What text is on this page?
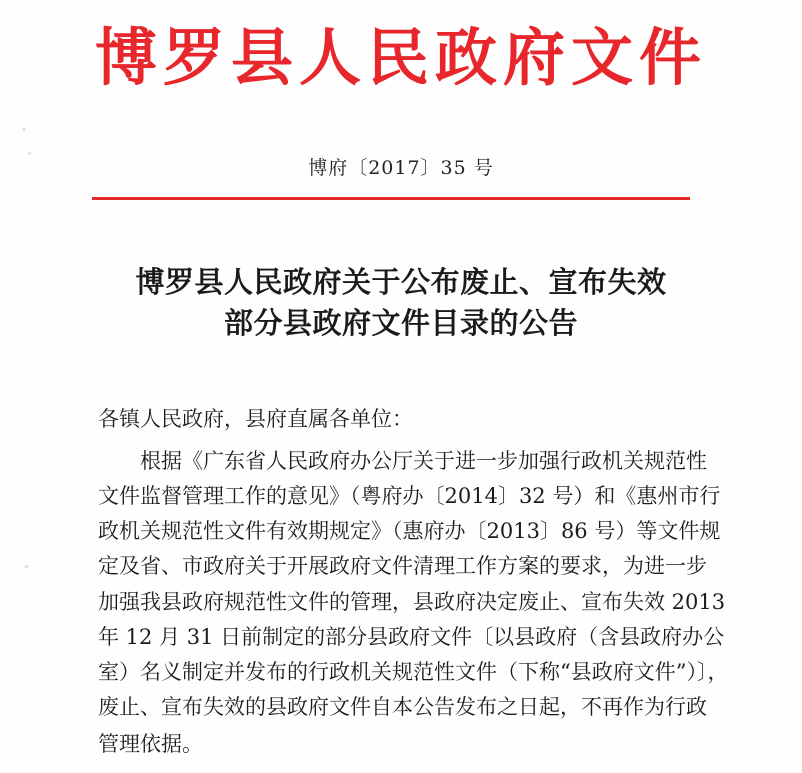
博罗县人民政府文件
博府〔2017〕35 号
博罗县人民政府关于公布废止、宣布失效
部分县政府文件目录的公告
各镇人民政府，县府直属各单位：
根据《广东省人民政府办公厅关于进一步加强行政机关规范性
文件监督管理工作的意见》（粤府办〔2014〕32 号）和《惠州市行
政机关规范性文件有效期规定》（惠府办〔2013〕86 号）等文件规
定及省、市政府关于开展政府文件清理工作方案的要求，为进一步
加强我县政府规范性文件的管理，县政府决定废止、宣布失效 2013
年 12 月 31 日前制定的部分县政府文件〔以县政府（含县政府办公
室）名义制定并发布的行政机关规范性文件（下称“县政府文件”）〕，
废止、宣布失效的县政府文件自本公告发布之日起，不再作为行政
管理依据。
